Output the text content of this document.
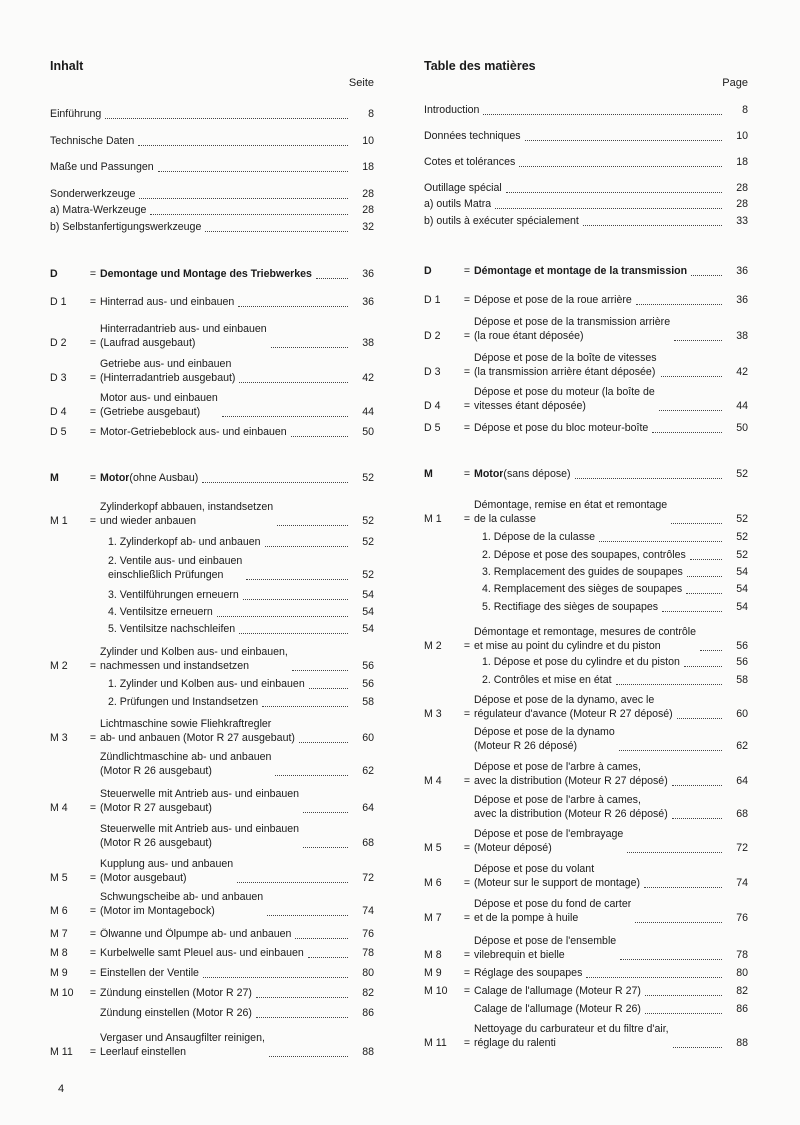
Inhalt
Seite
Einführung	8
Technische Daten	10
Maße und Passungen	18
Sonderwerkzeuge	28
a) Matra-Werkzeuge	28
b) Selbstanfertigungswerkzeuge	32
D	= Demontage und Montage des Triebwerkes	36
D 1	= Hinterrad aus- und einbauen	36
D 2	=
Hinterradantrieb aus- und einbauen
(Laufrad ausgebaut)	38
D 3	=
Getriebe aus- und einbauen
(Hinterradantrieb ausgebaut)	42
D 4	=
Motor aus- und einbauen
(Getriebe ausgebaut)	44
D 5	= Motor-Getriebeblock aus- und einbauen	50
M	= Motor (ohne Ausbau)	52
M 1	=
Zylinderkopf abbauen, instandsetzen
und wieder anbauen	52
1. Zylinderkopf ab- und anbauen	52
2. Ventile aus- und einbauen
einschließlich Prüfungen	52
3. Ventilführungen erneuern	54
4. Ventilsitze erneuern	54
5. Ventilsitze nachschleifen	54
M 2	=
Zylinder und Kolben aus- und einbauen,
nachmessen und instandsetzen	56
1. Zylinder und Kolben aus- und einbauen	56
2. Prüfungen und Instandsetzen	58
M 3	=
Lichtmaschine sowie Fliehkraftregler
ab- und anbauen (Motor R 27 ausgebaut)	60
Zündlichtmaschine ab- und anbauen
(Motor R 26 ausgebaut)	62
M 4	=
Steuerwelle mit Antrieb aus- und einbauen
(Motor R 27 ausgebaut)	64
Steuerwelle mit Antrieb aus- und einbauen
(Motor R 26 ausgebaut)	68
M 5	=
Kupplung aus- und anbauen
(Motor ausgebaut)	72
M 6	=
Schwungscheibe ab- und anbauen
(Motor im Montagebock)	74
M 7	= Ölwanne und Ölpumpe ab- und anbauen	76
M 8	= Kurbelwelle samt Pleuel aus- und einbauen	78
M 9	= Einstellen der Ventile	80
M 10	= Zündung einstellen (Motor R 27)	82
Zündung einstellen (Motor R 26)	86
M 11	=
Vergaser und Ansaugfilter reinigen,
Leerlauf einstellen	88
Table des matières
Page
Introduction	8
Données techniques	10
Cotes et tolérances	18
Outillage spécial	28
a) outils Matra	28
b) outils à exécuter spécialement	33
D	= Démontage et montage de la transmission	36
D 1	= Dépose et pose de la roue arrière	36
D 2	=
Dépose et pose de la transmission arrière
(la roue étant déposée)	38
D 3	=
Dépose et pose de la boîte de vitesses
(la transmission arrière étant déposée)	42
D 4	=
Dépose et pose du moteur (la boîte de
vitesses étant déposée)	44
D 5	= Dépose et pose du bloc moteur-boîte	50
M	= Motor (sans dépose)	52
M 1	=
Démontage, remise en état et remontage
de la culasse	52
1. Dépose de la culasse	52
2. Dépose et pose des soupapes, contrôles	52
3. Remplacement des guides de soupapes	54
4. Remplacement des sièges de soupapes	54
5. Rectifiage des sièges de soupapes	54
M 2	=
Démontage et remontage, mesures de contrôle
et mise au point du cylindre et du piston	56
1. Dépose et pose du cylindre et du piston	56
2. Contrôles et mise en état	58
M 3	=
Dépose et pose de la dynamo, avec le
régulateur d'avance (Moteur R 27 déposé)	60
Dépose et pose de la dynamo
(Moteur R 26 déposé)	62
M 4	=
Dépose et pose de l'arbre à cames,
avec la distribution (Moteur R 27 déposé)	64
Dépose et pose de l'arbre à cames,
avec la distribution (Moteur R 26 déposé)	68
M 5	=
Dépose et pose de l'embrayage
(Moteur déposé)	72
M 6	=
Dépose et pose du volant
(Moteur sur le support de montage)	74
M 7	=
Dépose et pose du fond de carter
et de la pompe à huile	76
M 8	=
Dépose et pose de l'ensemble
vilebrequin et bielle	78
M 9	= Réglage des soupapes	80
M 10	= Calage de l'allumage (Moteur R 27)	82
Calage de l'allumage (Moteur R 26)	86
M 11	=
Nettoyage du carburateur et du filtre d'air,
réglage du ralenti	88
4
